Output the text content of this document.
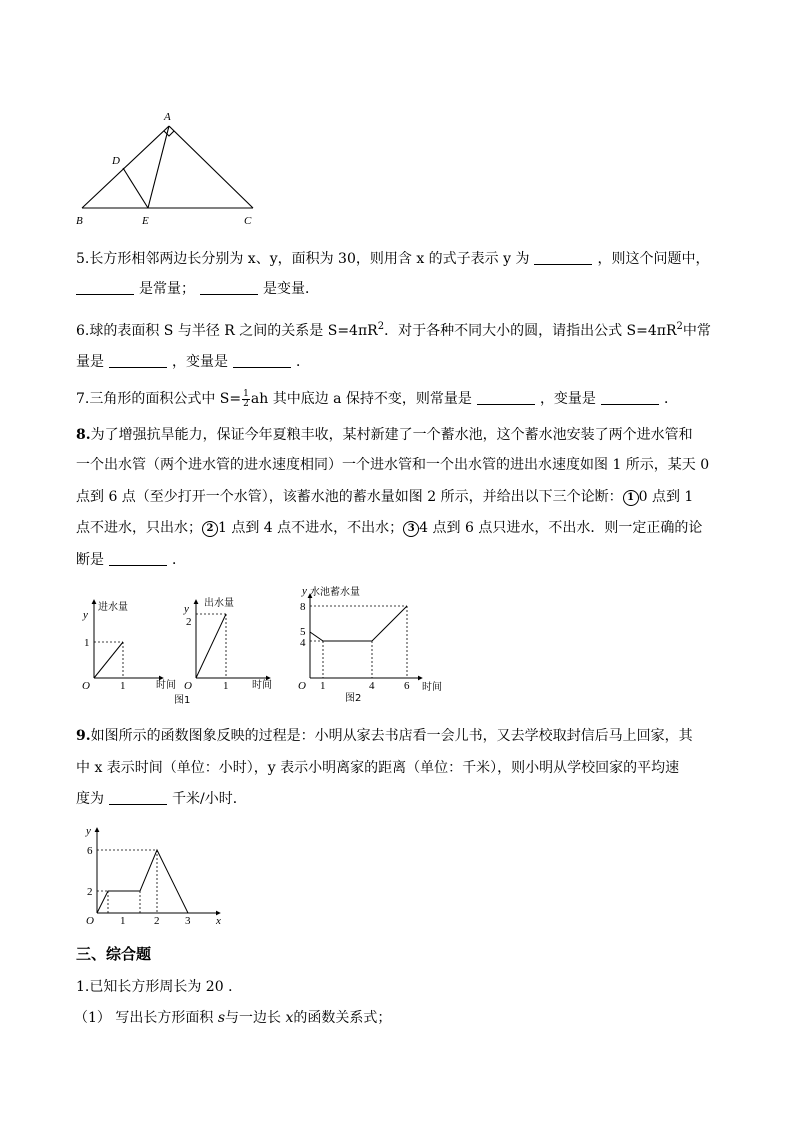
A
D
B	E	C
5.长方形相邻两边长分别为 x、y，面积为 30，则用含 x 的式子表示 y 为	，则这个问题中，
是常量；	是变量．
6.球的表面积 S 与半径 R 之间的关系是 $S=4\pi R^2$．对于各种不同大小的圆，请指出公式 $S=4\pi R^2$中常
量是	，变量是	．
7.三角形的面积公式中 $S= \frac{1}{2}$ ah 其中底边 a 保持不变，则常量是	，变量是	．
8.为了增强抗旱能力，保证今年夏粮丰收，某村新建了一个蓄水池，这个蓄水池安装了两个进水管和
一个出水管（两个进水管的进水速度相同）一个进水管和一个出水管的进出水速度如图 1 所示，某天 0
点到 6 点（至少打开一个水管），该蓄水池的蓄水量如图 2 所示，并给出以下三个论断： 1 0 点到 1
点不进水，只出水； 2 1 点到 4 点不进水，不出水； 3 4 点到 6 点只进水，不出水．则一定正确的论
断是	．
y
进水量
1
O	1	时间
y 出水量
2
O	1 时间
y 水池蓄水量
8
5
4
O 1	4	6 时间
图1	图2
9.如图所示的函数图象反映的过程是：小明从家去书店看一会儿书，又去学校取封信后马上回家，其
中 x 表示时间（单位：小时），y 表示小明离家的距离（单位：千米），则小明从学校回家的平均速
度为	千米/小时．
y
6
2
O 1	2 3 x
三、综合题
1.已知长方形周长为 20 ．
（1） 写出长方形面积 s与一边长 x的函数关系式；
